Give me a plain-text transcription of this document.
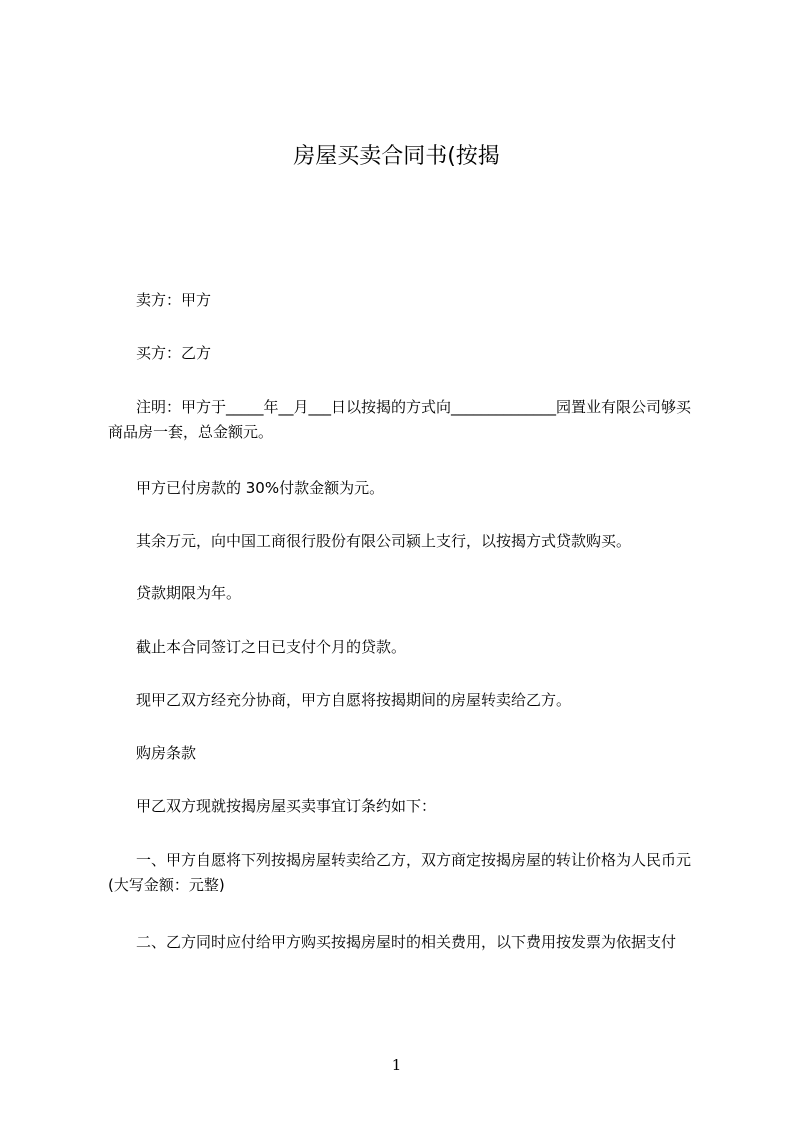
房屋买卖合同书(按揭

卖方：甲方

买方：乙方

注明：甲方于_____年__月___日以按揭的方式向______________园置业有限公司够买商品房一套，总金额元。

甲方已付房款的 30%付款金额为元。

其余万元，向中国工商很行股份有限公司颍上支行，以按揭方式贷款购买。

贷款期限为年。

截止本合同签订之日已支付个月的贷款。

现甲乙双方经充分协商，甲方自愿将按揭期间的房屋转卖给乙方。

购房条款

甲乙双方现就按揭房屋买卖事宜订条约如下：

一、甲方自愿将下列按揭房屋转卖给乙方，双方商定按揭房屋的转让价格为人民币元(大写金额：元整)

二、乙方同时应付给甲方购买按揭房屋时的相关费用，以下费用按发票为依据支付

1
